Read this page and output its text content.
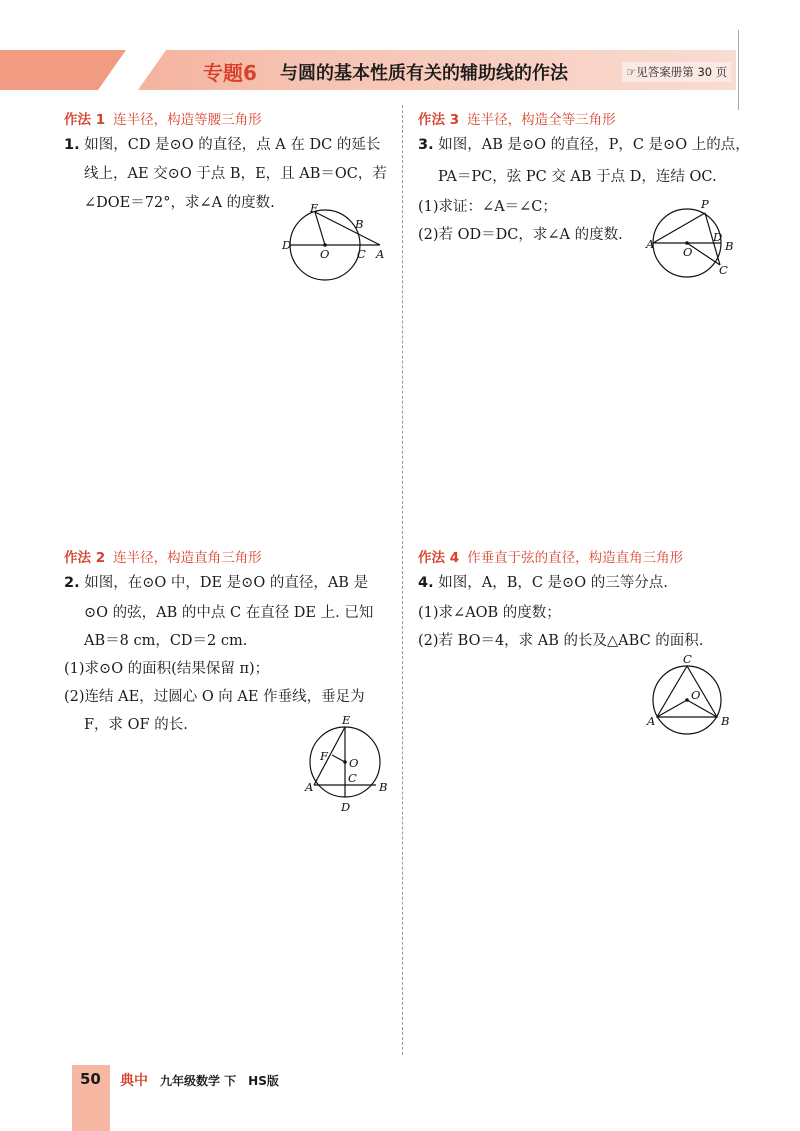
专题6 与圆的基本性质有关的辅助线的作法	☞见答案册第 30 页
作法 1 连半径，构造等腰三角形
1. 如图，CD 是⊙O 的直径，点 A 在 DC 的延长
线上，AE 交⊙O 于点 B，E，且 AB＝OC，若
∠DOE＝72°，求∠A 的度数.	E
B
D
O C A
作法 3 连半径，构造全等三角形
3. 如图，AB 是⊙O 的直径，P，C 是⊙O 上的点，
PA＝PC，弦 PC 交 AB 于点 D，连结 OC.
(1)求证：∠A＝∠C；
(2)若 OD＝DC，求∠A 的度数.
P
A
O
D
B
C
作法 2 连半径，构造直角三角形
2. 如图，在⊙O 中，DE 是⊙O 的直径，AB 是
⊙O 的弦，AB 的中点 C 在直径 DE 上. 已知
AB＝8 cm，CD＝2 cm.
(1)求⊙O 的面积(结果保留 π)；
(2)连结 AE，过圆心 O 向 AE 作垂线，垂足为
F，求 OF 的长.	E
F O
C
A	B
D
作法 4 作垂直于弦的直径，构造直角三角形
4. 如图，A，B，C 是⊙O 的三等分点.
(1)求∠AOB 的度数；
(2)若 BO＝4，求 AB 的长及△ABC 的面积.
C
O
A	B
50 典中 九年级数学 下　HS版
